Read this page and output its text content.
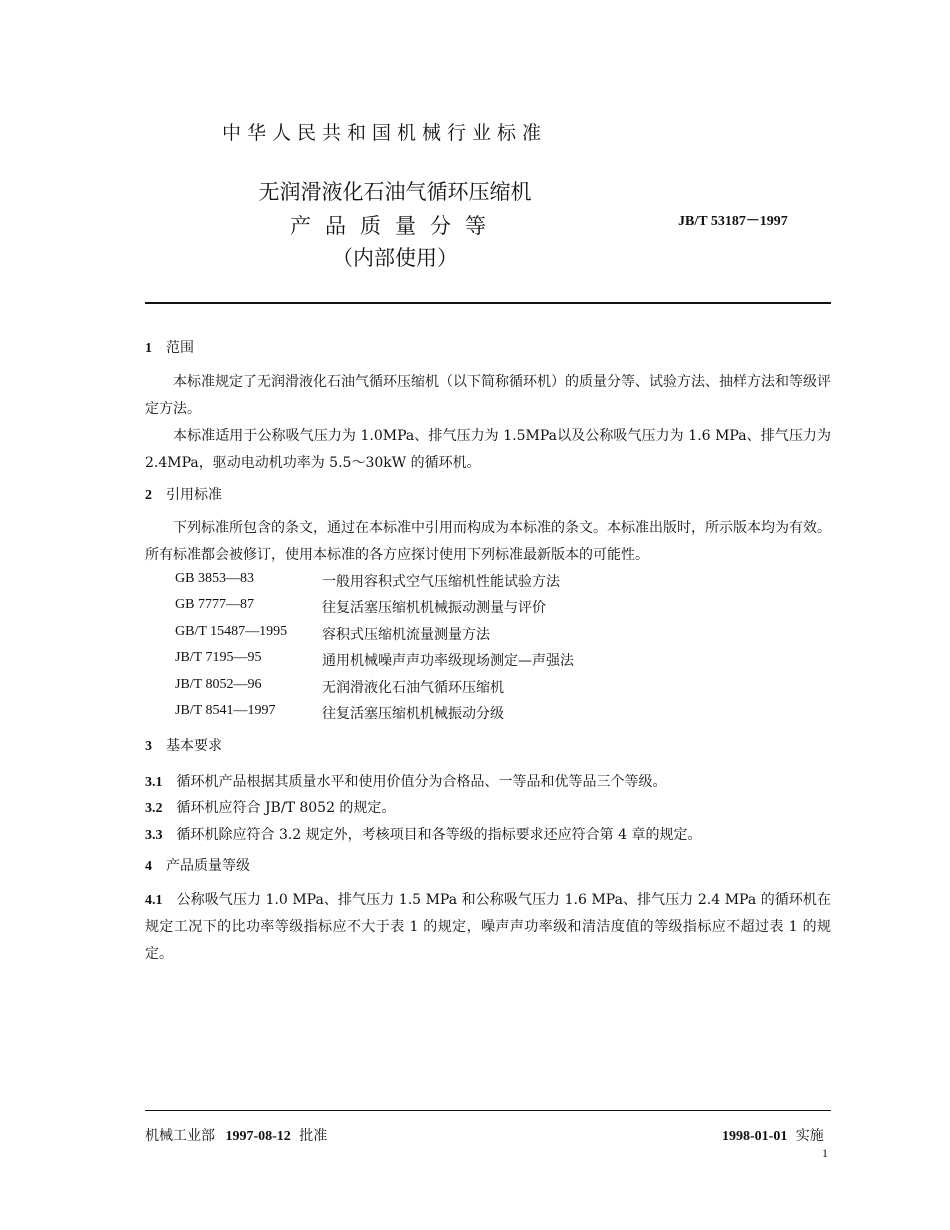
中华人民共和国机械行业标准
无润滑液化石油气循环压缩机
产品质量分等
（内部使用）
JB/T 53187－1997
1 范围
本标准规定了无润滑液化石油气循环压缩机（以下简称循环机）的质量分等、试验方法、抽样方法和等级评定方法。
本标准适用于公称吸气压力为 1.0MPa、排气压力为 1.5MPa以及公称吸气压力为 1.6 MPa、排气压力为 2.4MPa，驱动电动机功率为 5.5～30kW 的循环机。
2 引用标准
下列标准所包含的条文，通过在本标准中引用而构成为本标准的条文。本标准出版时，所示版本均为有效。所有标准都会被修订，使用本标准的各方应探讨使用下列标准最新版本的可能性。
GB 3853—83	一般用容积式空气压缩机性能试验方法
GB 7777—87	往复活塞压缩机机械振动测量与评价
GB/T 15487—1995 容积式压缩机流量测量方法
JB/T 7195—95	通用机械噪声声功率级现场测定—声强法
JB/T 8052—96	无润滑液化石油气循环压缩机
JB/T 8541—1997	往复活塞压缩机机械振动分级
3 基本要求
3.1 循环机产品根据其质量水平和使用价值分为合格品、一等品和优等品三个等级。
3.2 循环机应符合 JB/T 8052 的规定。
3.3 循环机除应符合 3.2 规定外，考核项目和各等级的指标要求还应符合第 4 章的规定。
4 产品质量等级
4.1 公称吸气压力 1.0 MPa、排气压力 1.5 MPa 和公称吸气压力 1.6 MPa、排气压力 2.4 MPa 的循环机在规定工况下的比功率等级指标应不大于表 1 的规定，噪声声功率级和清洁度值的等级指标应不超过表 1 的规定。
机械工业部 1997-08-12 批准	1998-01-01 实施
1
